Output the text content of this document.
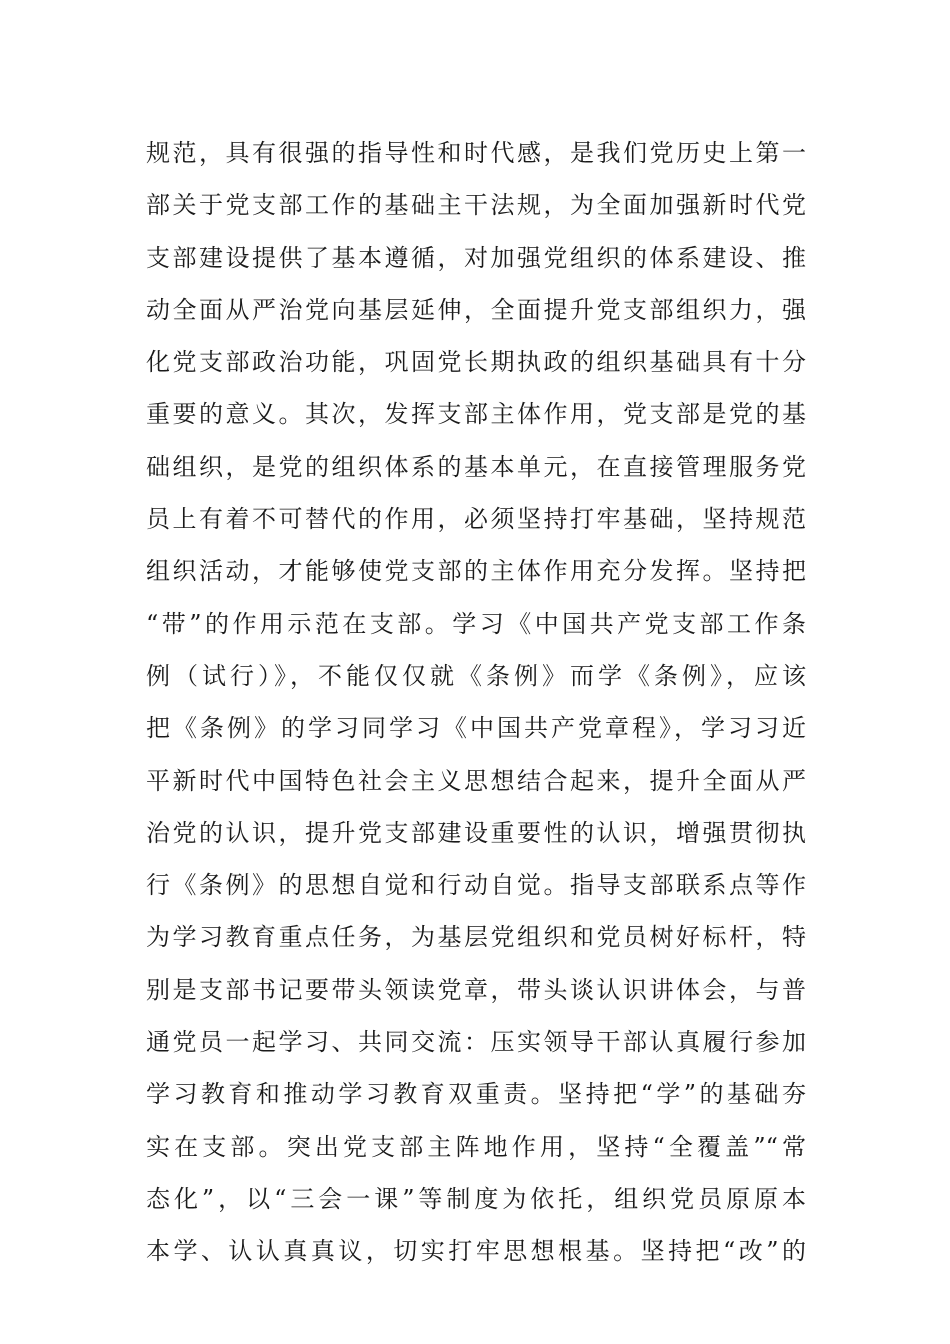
规范，具有很强的指导性和时代感，是我们党历史上第一
部关于党支部工作的基础主干法规，为全面加强新时代党
支部建设提供了基本遵循，对加强党组织的体系建设、推
动全面从严治党向基层延伸，全面提升党支部组织力，强
化党支部政治功能，巩固党长期执政的组织基础具有十分
重要的意义。其次，发挥支部主体作用，党支部是党的基
础组织，是党的组织体系的基本单元，在直接管理服务党
员上有着不可替代的作用，必须坚持打牢基础，坚持规范
组织活动，才能够使党支部的主体作用充分发挥。坚持把
“带”的作用示范在支部。学习《中国共产党支部工作条
例（试行）》，不能仅仅就《条例》而学《条例》，应该
把《条例》的学习同学习《中国共产党章程》，学习习近
平新时代中国特色社会主义思想结合起来，提升全面从严
治党的认识，提升党支部建设重要性的认识，增强贯彻执
行《条例》的思想自觉和行动自觉。指导支部联系点等作
为学习教育重点任务，为基层党组织和党员树好标杆，特
别是支部书记要带头领读党章，带头谈认识讲体会，与普
通党员一起学习、共同交流：压实领导干部认真履行参加
学习教育和推动学习教育双重责。坚持把“学”的基础夯
实在支部。突出党支部主阵地作用，坚持“全覆盖”“常
态化”，以“三会一课”等制度为依托，组织党员原原本
本学、认认真真议，切实打牢思想根基。坚持把“改”的
